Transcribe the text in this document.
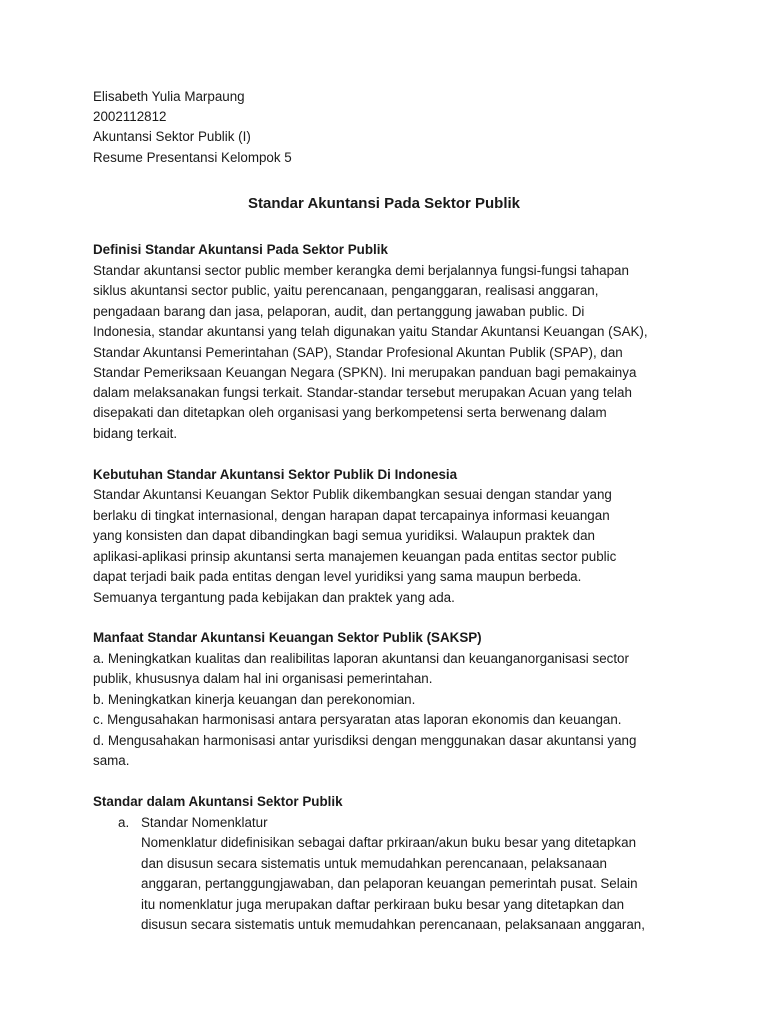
Elisabeth Yulia Marpaung
2002112812
Akuntansi Sektor Publik (I)
Resume Presentansi Kelompok 5
Standar Akuntansi Pada Sektor Publik
Definisi Standar Akuntansi Pada Sektor Publik
Standar akuntansi sector public member kerangka demi berjalannya fungsi-fungsi tahapan
siklus akuntansi sector public, yaitu perencanaan, penganggaran, realisasi anggaran,
pengadaan barang dan jasa, pelaporan, audit, dan pertanggung jawaban public. Di
Indonesia, standar akuntansi yang telah digunakan yaitu Standar Akuntansi Keuangan (SAK),
Standar Akuntansi Pemerintahan (SAP), Standar Profesional Akuntan Publik (SPAP), dan
Standar Pemeriksaan Keuangan Negara (SPKN). Ini merupakan panduan bagi pemakainya
dalam melaksanakan fungsi terkait. Standar-standar tersebut merupakan Acuan yang telah
disepakati dan ditetapkan oleh organisasi yang berkompetensi serta berwenang dalam
bidang terkait.
Kebutuhan Standar Akuntansi Sektor Publik Di Indonesia
Standar Akuntansi Keuangan Sektor Publik dikembangkan sesuai dengan standar yang
berlaku di tingkat internasional, dengan harapan dapat tercapainya informasi keuangan
yang konsisten dan dapat dibandingkan bagi semua yuridiksi. Walaupun praktek dan
aplikasi-aplikasi prinsip akuntansi serta manajemen keuangan pada entitas sector public
dapat terjadi baik pada entitas dengan level yuridiksi yang sama maupun berbeda.
Semuanya tergantung pada kebijakan dan praktek yang ada.
Manfaat Standar Akuntansi Keuangan Sektor Publik (SAKSP)
a. Meningkatkan kualitas dan realibilitas laporan akuntansi dan keuanganorganisasi sector
publik, khususnya dalam hal ini organisasi pemerintahan.
b. Meningkatkan kinerja keuangan dan perekonomian.
c. Mengusahakan harmonisasi antara persyaratan atas laporan ekonomis dan keuangan.
d. Mengusahakan harmonisasi antar yurisdiksi dengan menggunakan dasar akuntansi yang
sama.
Standar dalam Akuntansi Sektor Publik
a. Standar Nomenklatur
Nomenklatur didefinisikan sebagai daftar prkiraan/akun buku besar yang ditetapkan
dan disusun secara sistematis untuk memudahkan perencanaan, pelaksanaan
anggaran, pertanggungjawaban, dan pelaporan keuangan pemerintah pusat. Selain
itu nomenklatur juga merupakan daftar perkiraan buku besar yang ditetapkan dan
disusun secara sistematis untuk memudahkan perencanaan, pelaksanaan anggaran,
